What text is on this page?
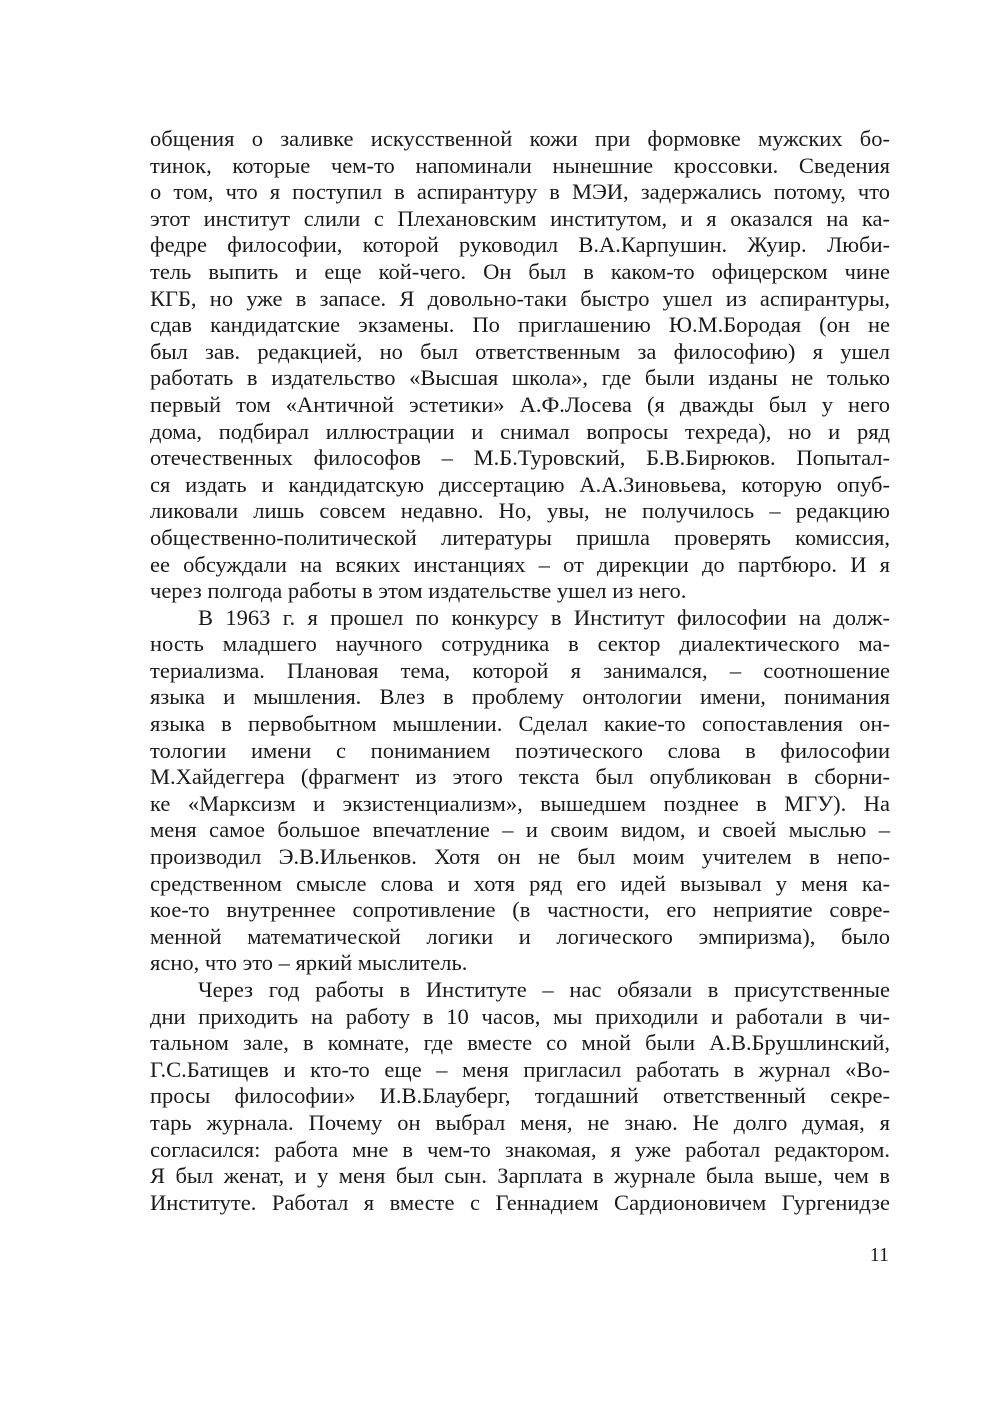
общения о заливке искусственной кожи при формовке мужских бо-
тинок, которые чем-то напоминали нынешние кроссовки. Сведения
о том, что я поступил в аспирантуру в МЭИ, задержались потому, что
этот институт слили с Плехановским институтом, и я оказался на ка-
федре философии, которой руководил В.А.Карпушин. Жуир. Люби-
тель выпить и еще кой-чего. Он был в каком-то офицерском чине
КГБ, но уже в запасе. Я довольно-таки быстро ушел из аспирантуры,
сдав кандидатские экзамены. По приглашению Ю.М.Бородая (он не
был зав. редакцией, но был ответственным за философию) я ушел
работать в издательство «Высшая школа», где были изданы не только
первый том «Античной эстетики» А.Ф.Лосева (я дважды был у него
дома, подбирал иллюстрации и снимал вопросы техреда), но и ряд
отечественных философов – М.Б.Туровский, Б.В.Бирюков. Попытал-
ся издать и кандидатскую диссертацию А.А.Зиновьева, которую опуб-
ликовали лишь совсем недавно. Но, увы, не получилось – редакцию
общественно-политической литературы пришла проверять комиссия,
ее обсуждали на всяких инстанциях – от дирекции до партбюро. И я
через полгода работы в этом издательстве ушел из него.
В 1963 г. я прошел по конкурсу в Институт философии на долж-
ность младшего научного сотрудника в сектор диалектического ма-
териализма. Плановая тема, которой я занимался, – соотношение
языка и мышления. Влез в проблему онтологии имени, понимания
языка в первобытном мышлении. Сделал какие-то сопоставления он-
тологии имени с пониманием поэтического слова в философии
М.Хайдеггера (фрагмент из этого текста был опубликован в сборни-
ке «Марксизм и экзистенциализм», вышедшем позднее в МГУ). На
меня самое большое впечатление – и своим видом, и своей мыслью –
производил Э.В.Ильенков. Хотя он не был моим учителем в непо-
средственном смысле слова и хотя ряд его идей вызывал у меня ка-
кое-то внутреннее сопротивление (в частности, его неприятие совре-
менной математической логики и логического эмпиризма), было
ясно, что это – яркий мыслитель.
Через год работы в Институте – нас обязали в присутственные
дни приходить на работу в 10 часов, мы приходили и работали в чи-
тальном зале, в комнате, где вместе со мной были А.В.Брушлинский,
Г.С.Батищев и кто-то еще – меня пригласил работать в журнал «Во-
просы философии» И.В.Блауберг, тогдашний ответственный секре-
тарь журнала. Почему он выбрал меня, не знаю. Не долго думая, я
согласился: работа мне в чем-то знакомая, я уже работал редактором.
Я был женат, и у меня был сын. Зарплата в журнале была выше, чем в
Институте. Работал я вместе с Геннадием Сардионовичем Гургенидзе
11
